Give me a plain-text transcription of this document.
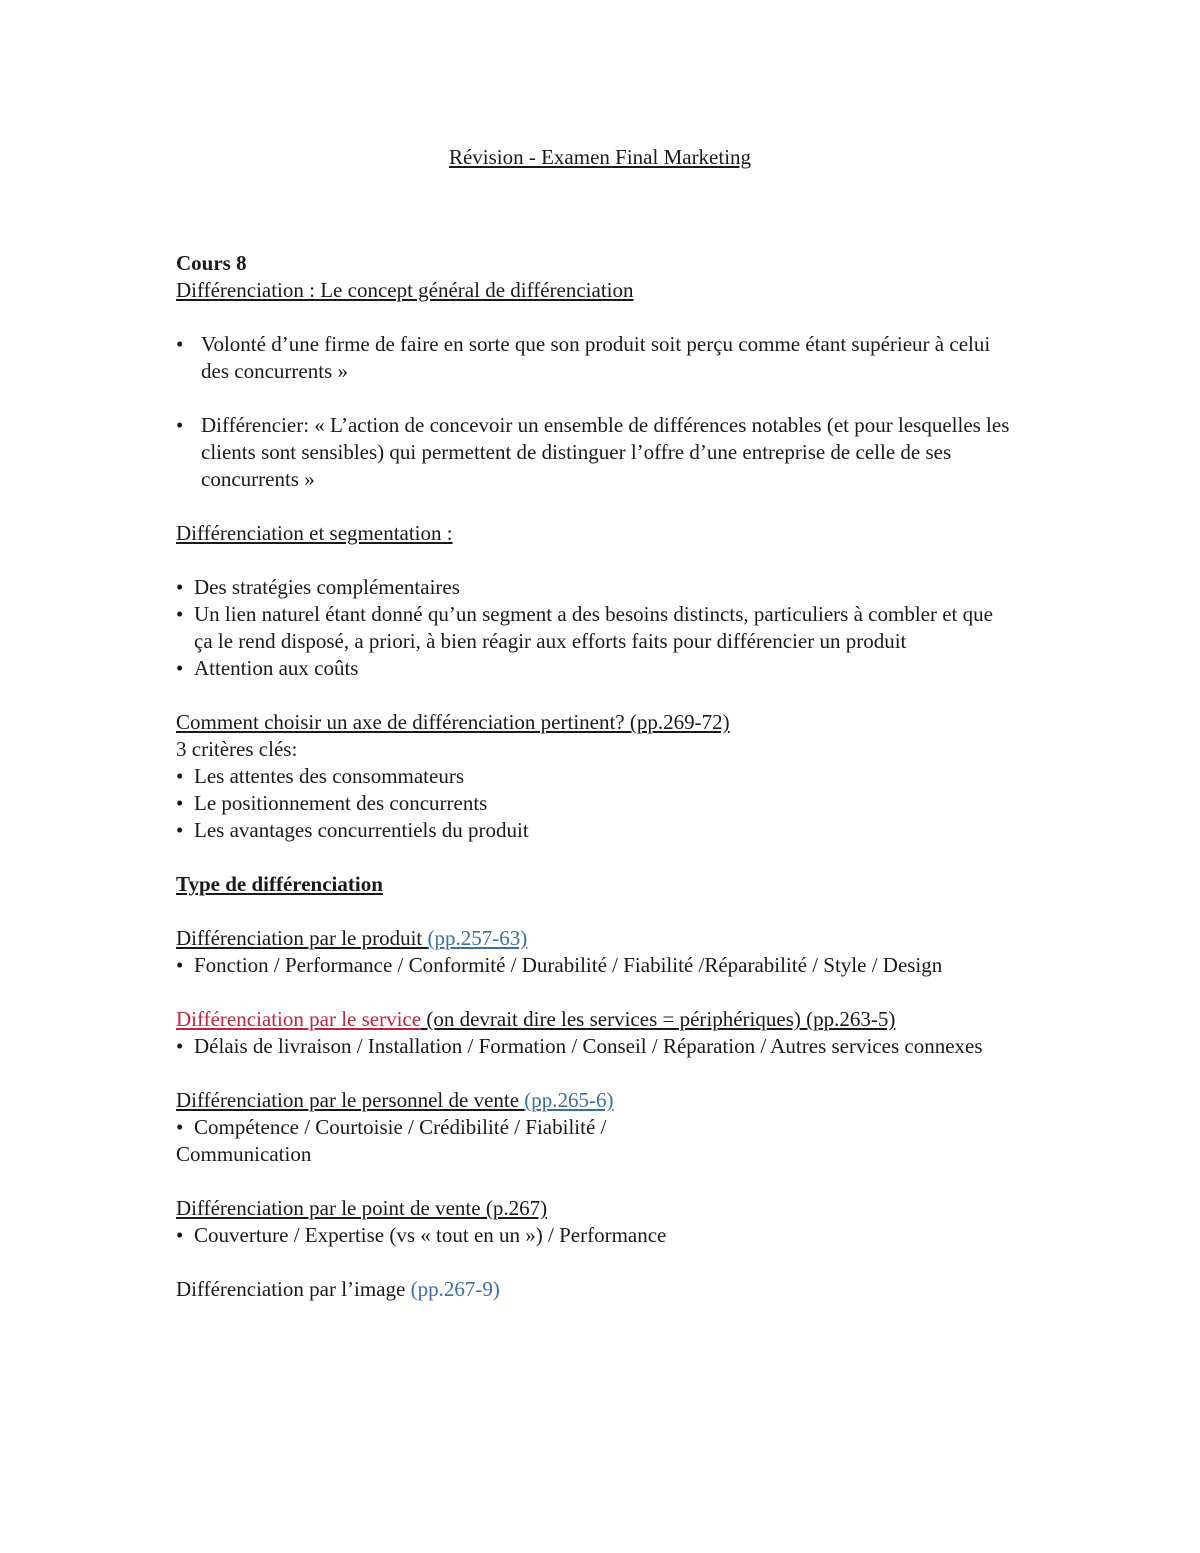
Révision - Examen Final Marketing
Cours 8
Différenciation : Le concept général de différenciation
• Volonté d’une firme de faire en sorte que son produit soit perçu comme étant supérieur à celui des concurrents »
• Différencier: « L’action de concevoir un ensemble de différences notables (et pour lesquelles les clients sont sensibles) qui permettent de distinguer l’offre d’une entreprise de celle de ses concurrents »
Différenciation et segmentation :
• Des stratégies complémentaires
• Un lien naturel étant donné qu’un segment a des besoins distincts, particuliers à combler et que ça le rend disposé, a priori, à bien réagir aux efforts faits pour différencier un produit
• Attention aux coûts
Comment choisir un axe de différenciation pertinent? (pp.269-72)
3 critères clés:
• Les attentes des consommateurs
• Le positionnement des concurrents
• Les avantages concurrentiels du produit
Type de différenciation
Différenciation par le produit (pp.257-63)
• Fonction / Performance / Conformité / Durabilité / Fiabilité /Réparabilité / Style / Design
Différenciation par le service (on devrait dire les services = périphériques) (pp.263-5)
• Délais de livraison / Installation / Formation / Conseil / Réparation / Autres services connexes
Différenciation par le personnel de vente (pp.265-6)
• Compétence / Courtoisie / Crédibilité / Fiabilité /
Communication
Différenciation par le point de vente (p.267)
• Couverture / Expertise (vs « tout en un ») / Performance
Différenciation par l’image (pp.267-9)
